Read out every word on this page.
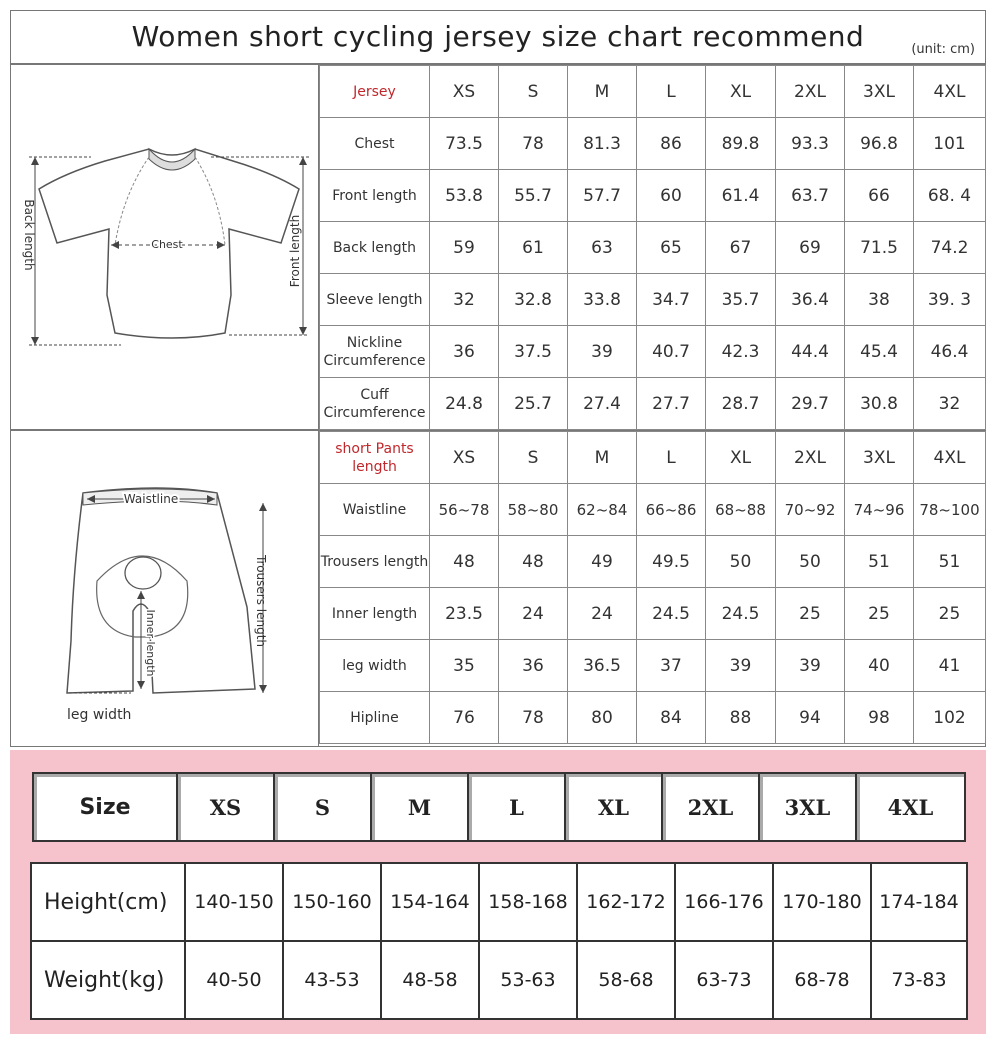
Women short cycling jersey size chart recommend	(unit: cm)
Back length	Front length
Chest
Jersey	XS	S	M	L	XL	2XL	3XL	4XL
Chest	73.5	78	81.3	86	89.8	93.3	96.8	101
Front length	53.8	55.7	57.7	60	61.4	63.7	66	68. 4
Back length	59	61	63	65	67	69	71.5	74.2
Sleeve length	32	32.8	33.8	34.7	35.7	36.4	38	39. 3
Nickline Circumference	36	37.5	39	40.7	42.3	44.4	45.4	46.4
Cuff Circumference	24.8	25.7	27.4	27.7	28.7	29.7	30.8	32
Waistline
Trousers length
Inner length
leg width
short Pants length	XS	S	M	L	XL	2XL	3XL	4XL
Waistline	56~78	58~80	62~84	66~86	68~88	70~92	74~96	78~100
Trousers length	48	48	49	49.5	50	50	51	51
Inner length	23.5	24	24	24.5	24.5	25	25	25
leg width	35	36	36.5	37	39	39	40	41
Hipline	76	78	80	84	88	94	98	102
Size	XS	S	M	L	XL	2XL	3XL	4XL
Height(cm)	140-150	150-160	154-164	158-168	162-172	166-176	170-180	174-184
Weight(kg)	40-50	43-53	48-58	53-63	58-68	63-73	68-78	73-83
